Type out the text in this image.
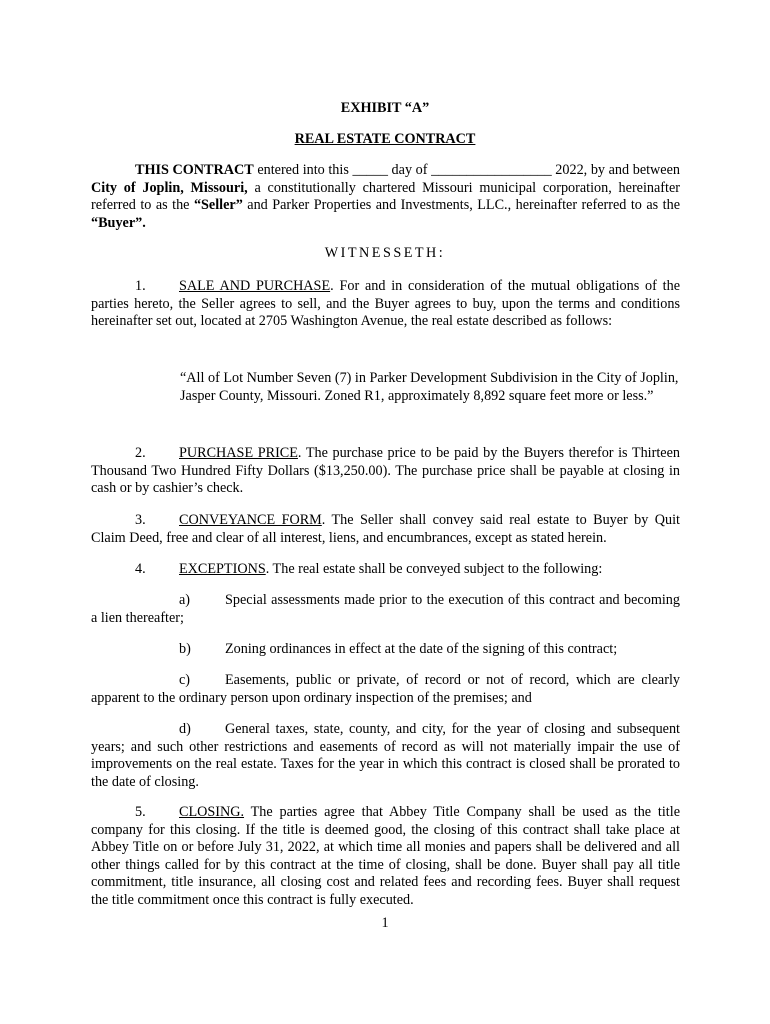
EXHIBIT “A”
REAL ESTATE CONTRACT
THIS CONTRACT entered into this _____ day of _________________ 2022, by and between City of Joplin, Missouri, a constitutionally chartered Missouri municipal corporation, hereinafter referred to as the “Seller” and Parker Properties and Investments, LLC., hereinafter referred to as the “Buyer”.
WITNESSETH:
1. SALE AND PURCHASE. For and in consideration of the mutual obligations of the parties hereto, the Seller agrees to sell, and the Buyer agrees to buy, upon the terms and conditions hereinafter set out, located at 2705 Washington Avenue, the real estate described as follows:
“All of Lot Number Seven (7) in Parker Development Subdivision in the City of Joplin, Jasper County, Missouri. Zoned R1, approximately 8,892 square feet more or less.”
2. PURCHASE PRICE. The purchase price to be paid by the Buyers therefor is Thirteen Thousand Two Hundred Fifty Dollars ($13,250.00). The purchase price shall be payable at closing in cash or by cashier’s check.
3. CONVEYANCE FORM. The Seller shall convey said real estate to Buyer by Quit Claim Deed, free and clear of all interest, liens, and encumbrances, except as stated herein.
4. EXCEPTIONS. The real estate shall be conveyed subject to the following:
a) Special assessments made prior to the execution of this contract and becoming a lien thereafter;
b) Zoning ordinances in effect at the date of the signing of this contract;
c) Easements, public or private, of record or not of record, which are clearly apparent to the ordinary person upon ordinary inspection of the premises; and
d) General taxes, state, county, and city, for the year of closing and subsequent years; and such other restrictions and easements of record as will not materially impair the use of improvements on the real estate. Taxes for the year in which this contract is closed shall be prorated to the date of closing.
5. CLOSING. The parties agree that Abbey Title Company shall be used as the title company for this closing. If the title is deemed good, the closing of this contract shall take place at Abbey Title on or before July 31, 2022, at which time all monies and papers shall be delivered and all other things called for by this contract at the time of closing, shall be done. Buyer shall pay all title commitment, title insurance, all closing cost and related fees and recording fees. Buyer shall request the title commitment once this contract is fully executed.
1
